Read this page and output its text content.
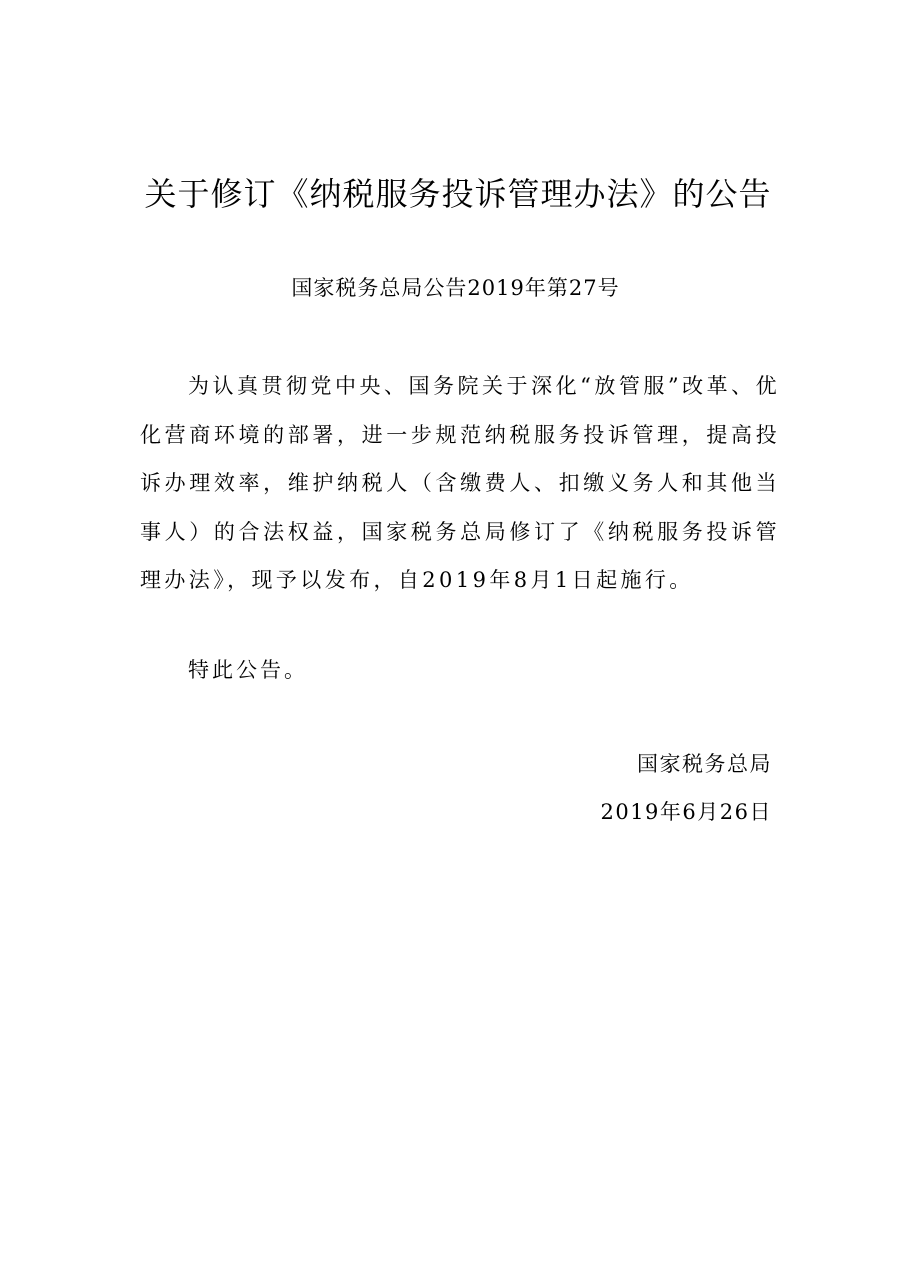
关于修订《纳税服务投诉管理办法》的公告

国家税务总局公告2019年第27号

为认真贯彻党中央、国务院关于深化“放管服”改革、优化营商环境的部署，进一步规范纳税服务投诉管理，提高投诉办理效率，维护纳税人（含缴费人、扣缴义务人和其他当事人）的合法权益，国家税务总局修订了《纳税服务投诉管理办法》，现予以发布，自2019年8月1日起施行。

特此公告。

国家税务总局

2019年6月26日
